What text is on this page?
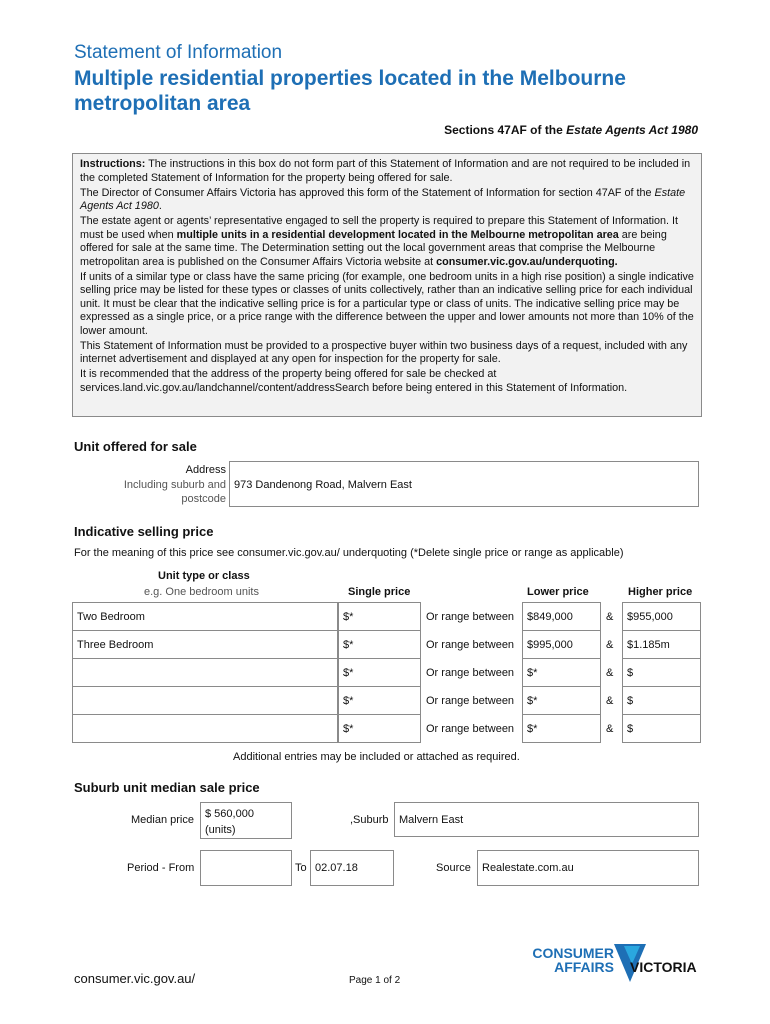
Statement of Information
Multiple residential properties located in the Melbourne metropolitan area
Sections 47AF of the Estate Agents Act 1980

Instructions: The instructions in this box do not form part of this Statement of Information and are not required to be included in the completed Statement of Information for the property being offered for sale.

The Director of Consumer Affairs Victoria has approved this form of the Statement of Information for section 47AF of the Estate Agents Act 1980.

The estate agent or agents’ representative engaged to sell the property is required to prepare this Statement of Information. It must be used when multiple units in a residential development located in the Melbourne metropolitan area are being offered for sale at the same time. The Determination setting out the local government areas that comprise the Melbourne metropolitan area is published on the Consumer Affairs Victoria website at consumer.vic.gov.au/underquoting.

If units of a similar type or class have the same pricing (for example, one bedroom units in a high rise position) a single indicative selling price may be listed for these types or classes of units collectively, rather than an indicative selling price for each individual unit. It must be clear that the indicative selling price is for a particular type or class of units. The indicative selling price may be expressed as a single price, or a price range with the difference between the upper and lower amounts not more than 10% of the lower amount.

This Statement of Information must be provided to a prospective buyer within two business days of a request, included with any internet advertisement and displayed at any open for inspection for the property for sale.

It is recommended that the address of the property being offered for sale be checked at services.land.vic.gov.au/landchannel/content/addressSearch before being entered in this Statement of Information.

Unit offered for sale
Address
Including suburb and
postcode
973 Dandenong Road, Malvern East
Indicative selling price
For the meaning of this price see consumer.vic.gov.au/ underquoting (*Delete single price or range as applicable)
Unit type or class
e.g. One bedroom units	Single price	Lower price	Higher price
Two Bedroom	$*	Or range between	$849,000	&	$955,000
Three Bedroom	$*	Or range between	$995,000	&	$1.185m
$*	Or range between	$*	&	$
$*	Or range between	$*	&	$
$*	Or range between	$*	&	$
Additional entries may be included or attached as required.
Suburb unit median sale price
Median price $ 560,000
(units)
,Suburb Malvern East
Period - From	To 02.07.18	Source	Realestate.com.au
consumer.vic.gov.au/	Page 1 of 2
CONSUMER
AFFAIRS VICTORIA
